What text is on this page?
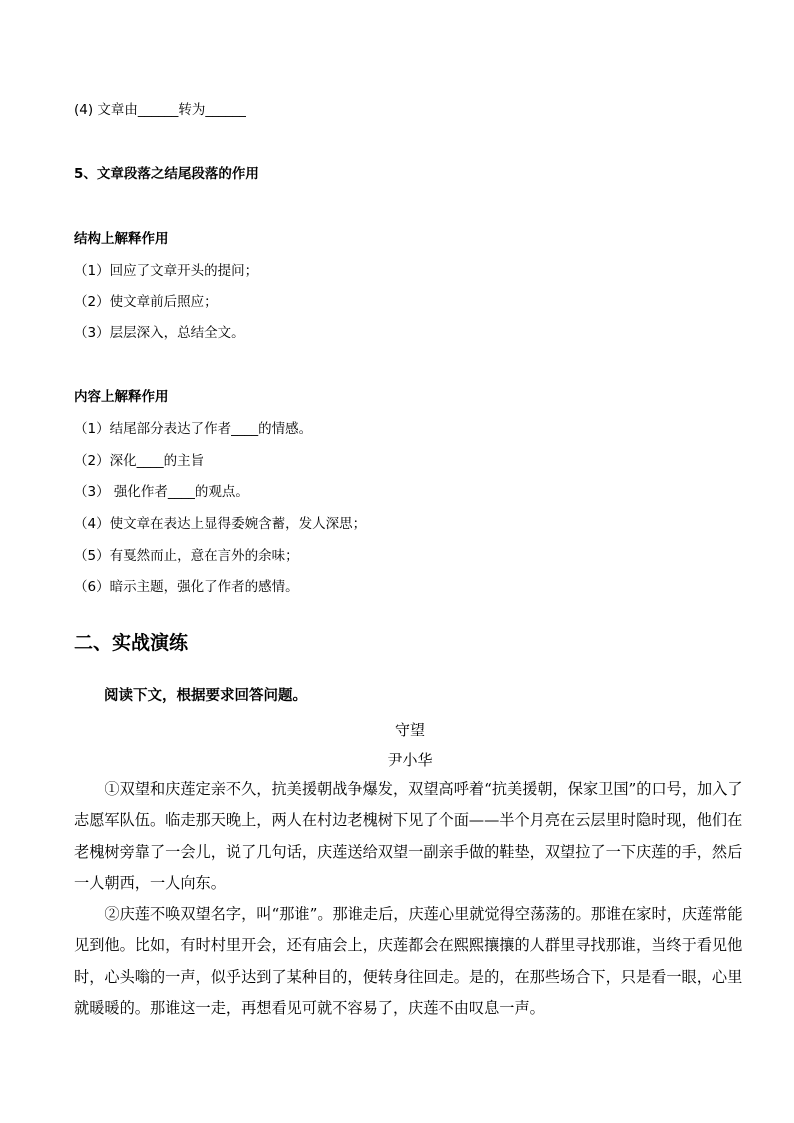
(4) 文章由______转为______
5、文章段落之结尾段落的作用
结构上解释作用
（1）回应了文章开头的提问；
（2）使文章前后照应；
（3）层层深入，总结全文。
内容上解释作用
（1）结尾部分表达了作者____的情感。
（2）深化____的主旨
（3） 强化作者____的观点。
（4）使文章在表达上显得委婉含蓄，发人深思；
（5）有戛然而止，意在言外的余味；
（6）暗示主题，强化了作者的感情。
二、实战演练
阅读下文，根据要求回答问题。
守望
尹小华

①双望和庆莲定亲不久，抗美援朝战争爆发，双望高呼着“抗美援朝，保家卫国”的口号，加入了志愿军队伍。临走那天晚上，两人在村边老槐树下见了个面——半个月亮在云层里时隐时现，他们在老槐树旁靠了一会儿，说了几句话，庆莲送给双望一副亲手做的鞋垫，双望拉了一下庆莲的手，然后一人朝西，一人向东。

②庆莲不唤双望名字，叫“那谁”。那谁走后，庆莲心里就觉得空荡荡的。那谁在家时，庆莲常能见到他。比如，有时村里开会，还有庙会上，庆莲都会在熙熙攘攘的人群里寻找那谁，当终于看见他时，心头嗡的一声，似乎达到了某种目的，便转身往回走。是的，在那些场合下，只是看一眼，心里就暖暖的。那谁这一走，再想看见可就不容易了，庆莲不由叹息一声。
